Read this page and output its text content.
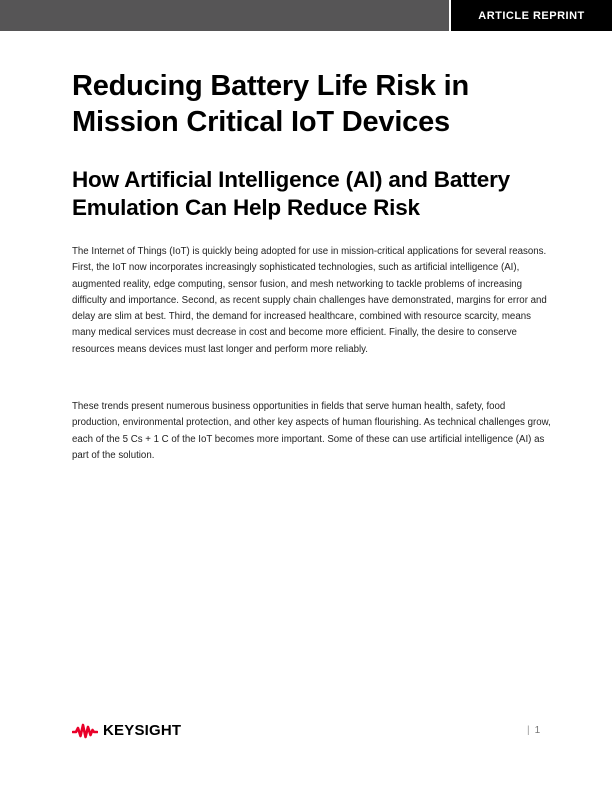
ARTICLE REPRINT
Reducing Battery Life Risk in Mission Critical IoT Devices
How Artificial Intelligence (AI) and Battery Emulation Can Help Reduce Risk

The Internet of Things (IoT) is quickly being adopted for use in mission-critical applications for several reasons. First, the IoT now incorporates increasingly sophisticated technologies, such as artificial intelligence (AI), augmented reality, edge computing, sensor fusion, and mesh networking to tackle problems of increasing difficulty and importance. Second, as recent supply chain challenges have demonstrated, margins for error and delay are slim at best. Third, the demand for increased healthcare, combined with resource scarcity, means many medical services must decrease in cost and become more efficient. Finally, the desire to conserve resources means devices must last longer and perform more reliably.

These trends present numerous business opportunities in fields that serve human health, safety, food production, environmental protection, and other key aspects of human flourishing. As technical challenges grow, each of the 5 Cs + 1 C of the IoT becomes more important. Some of these can use artificial intelligence (AI) as part of the solution.

KEYSIGHT	| 1
